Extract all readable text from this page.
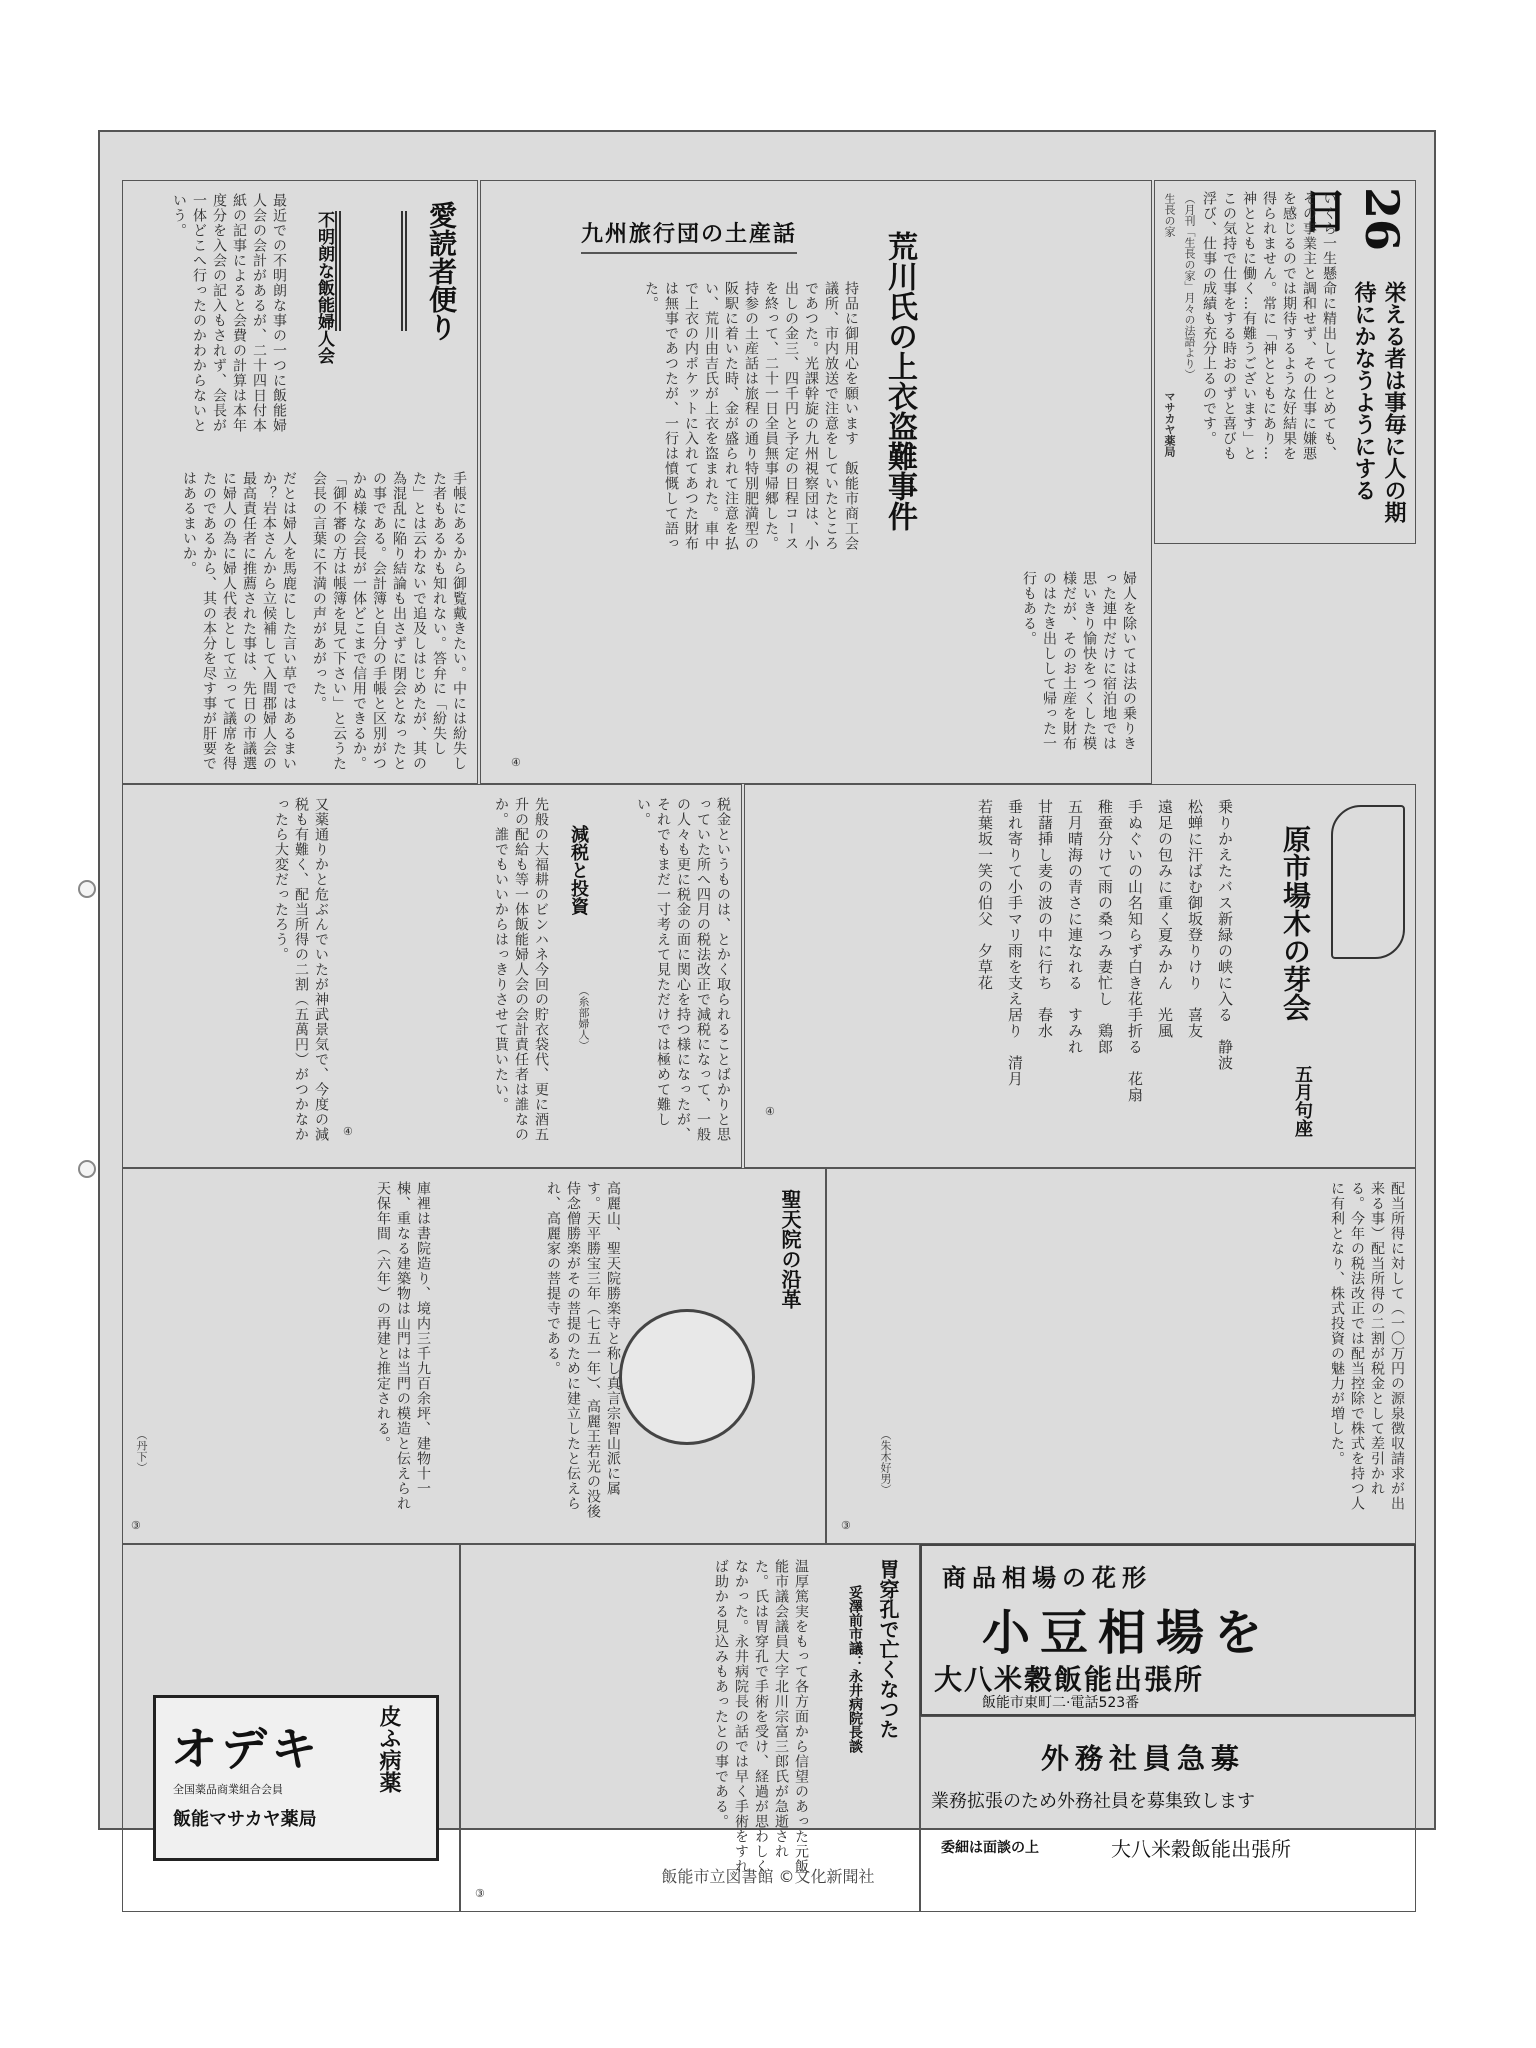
26日
栄える者は事毎に人の期待にかなうようにする
いくら一生懸命に精出してつとめても、その事業主と調和せず、その仕事に嫌悪を感じるのでは期待するような好結果を得られません。常に「神とともにあり…神とともに働く…有難うございます」とこの気持で仕事をする時おのずと喜びも浮び、仕事の成績も充分上るのです。
（月刊「生長の家」月々の法語より）
生長の家
マサカヤ薬局
九州旅行団の土産話	荒川氏の上衣盗難事件
持品に御用心を願います　飯能市商工会議所、市内放送で注意をしていたところであつた。光課幹旋の九州視察団は、小出しの金三、四千円と予定の日程コースを終って、二十一日全員無事帰郷した。持参の土産話は旅程の通り特別肥満型の阪駅に着いた時、金が盛られて注意を払い、荒川由吉氏が上衣を盗まれた。車中で上衣の内ポケットに入れてあつた財布は無事であつたが、一行は憤慨して語った。
婦人を除いては法の乗りきった連中だけに宿泊地では思いきり愉快をつくした模様だが、そのお土産を財布のはたき出しして帰った一行もある。
④
愛読者便り
不明朗な飯能婦人会
最近での不明朗な事の一つに飯能婦人会の会計があるが、二十四日付本紙の記事によると会費の計算は本年度分を入会の記入もされず、会長が一体どこへ行ったのかわからないという。
手帳にあるから御覧戴きたい。中には紛失した者もあるかも知れない。答弁に「紛失した」とは云わないで追及しはじめたが、其の為混乱に陥り結論も出さずに閉会となったとの事である。会計簿と自分の手帳と区別がつかぬ様な会長が一体どこまで信用できるか。「御不審の方は帳簿を見て下さい」と云うた会長の言葉に不満の声があがった。
だとは婦人を馬鹿にした言い草ではあるまいか？岩本さんから立候補して入間郡婦人会の最高責任者に推薦された事は、先日の市議選に婦人の為に婦人代表として立って議席を得たのであるから、其の本分を尽す事が肝要ではあるまいか。
減税と投資	税金というものは、とかく取られることばかりと思っていた所へ四月の税法改正で減税になって、一般の人々も更に税金の面に関心を持つ様になったが、それでもまだ一寸考えて見ただけでは極めて難しい。
先般の大福耕のビンハネ今回の貯衣袋代、更に酒五升の配給も等一体飯能婦人会の会計責任者は誰なのか。誰でもいいからはっきりさせて貰いたい。
又薬通りかと危ぶんでいたが神武景気で、今度の減税も有難く、配当所得の二割（五萬円）がつかなかったら大変だったろう。
（糸部婦人）
④
原市場木の芽会
五月句座
乗りかえたバス新緑の峡に入る　静波
松蝉に汗ばむ御坂登りけり　喜友
遠足の包みに重く夏みかん　光風
手ぬぐいの山名知らず白き花手折る　花扇
稚蚕分けて雨の桑つみ妻忙し　鶏郎
五月晴海の青さに連なれる　すみれ
甘藷挿し麦の波の中に行ち　春水
垂れ寄りて小手マリ雨を支え居り　清月
若葉坂一笑の伯父　夕草花
④
配当所得に対して（一〇万円の源泉徴収請求が出来る事）配当所得の二割が税金として差引かれる。今年の税法改正では配当控除で株式を持つ人に有利となり、株式投資の魅力が増した。
（朱木好男）
③
聖天院の沿革
高麗山、聖天院勝楽寺と称し真言宗智山派に属す。天平勝宝三年（七五一年）、高麗王若光の没後侍念僧勝楽がその菩提のために建立したと伝えられ、高麗家の菩提寺である。
庫裡は書院造り、境内三千九百余坪、建物十一棟、重なる建築物は山門は当門の模造と伝えられ天保年間（六年）の再建と推定される。
（丹下）
③
商品相場の花形
小豆相場を
大八米穀飯能出張所
飯能市東町二·電話523番
外務社員急募
業務拡張のため外務社員を募集致します
委細は面談の上	大八米穀飯能出張所
胃穿孔で亡くなつた
妥澤前市議：永井病院長談
温厚篤実をもって各方面から信望のあった元飯能市議会議員大字北川宗富三郎氏が急逝された。氏は胃穿孔で手術を受け、経過が思わしくなかった。永井病院長の話では早く手術をすれば助かる見込みもあったとの事である。
③
オデキ	皮ふ病薬
全国薬品商業組合会員
飯能マサカヤ薬局
飯能市立図書館 ©文化新聞社
